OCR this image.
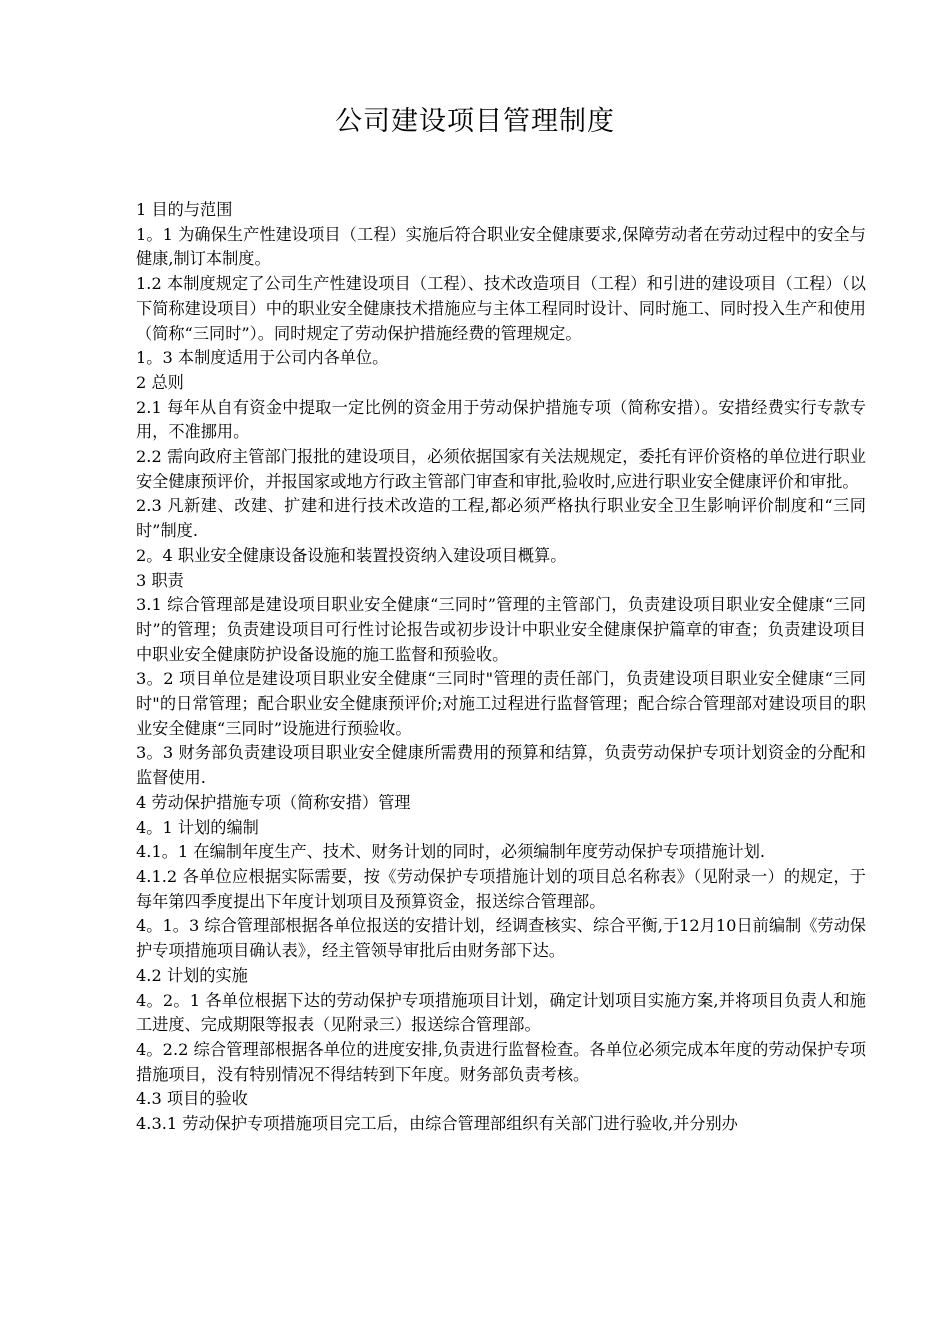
公司建设项目管理制度

1 目的与范围

1。1 为确保生产性建设项目（工程）实施后符合职业安全健康要求,保障劳动者在劳动过程中的安全与健康,制订本制度。

1.2 本制度规定了公司生产性建设项目（工程）、技术改造项目（工程）和引进的建设项目（工程）（以下简称建设项目）中的职业安全健康技术措施应与主体工程同时设计、同时施工、同时投入生产和使用（简称“三同时”）。同时规定了劳动保护措施经费的管理规定。

1。3 本制度适用于公司内各单位。

2 总则

2.1 每年从自有资金中提取一定比例的资金用于劳动保护措施专项（简称安措）。安措经费实行专款专用，不准挪用。

2.2 需向政府主管部门报批的建设项目，必须依据国家有关法规规定，委托有评价资格的单位进行职业安全健康预评价，并报国家或地方行政主管部门审查和审批,验收时,应进行职业安全健康评价和审批。

2.3 凡新建、改建、扩建和进行技术改造的工程,都必须严格执行职业安全卫生影响评价制度和“三同时”制度.

2。4 职业安全健康设备设施和装置投资纳入建设项目概算。

3 职责

3.1 综合管理部是建设项目职业安全健康“三同时”管理的主管部门，负责建设项目职业安全健康“三同时”的管理；负责建设项目可行性讨论报告或初步设计中职业安全健康保护篇章的审查；负责建设项目中职业安全健康防护设备设施的施工监督和预验收。

3。2 项目单位是建设项目职业安全健康“三同时"管理的责任部门，负责建设项目职业安全健康“三同时"的日常管理；配合职业安全健康预评价;对施工过程进行监督管理；配合综合管理部对建设项目的职业安全健康“三同时”设施进行预验收。

3。3 财务部负责建设项目职业安全健康所需费用的预算和结算，负责劳动保护专项计划资金的分配和监督使用.

4 劳动保护措施专项（简称安措）管理

4。1 计划的编制

4.1。1 在编制年度生产、技术、财务计划的同时，必须编制年度劳动保护专项措施计划.

4.1.2 各单位应根据实际需要，按《劳动保护专项措施计划的项目总名称表》（见附录一）的规定，于每年第四季度提出下年度计划项目及预算资金，报送综合管理部。

4。1。3 综合管理部根据各单位报送的安措计划，经调查核实、综合平衡,于12月10日前编制《劳动保护专项措施项目确认表》，经主管领导审批后由财务部下达。

4.2 计划的实施

4。2。1 各单位根据下达的劳动保护专项措施项目计划，确定计划项目实施方案,并将项目负责人和施工进度、完成期限等报表（见附录三）报送综合管理部。

4。2.2 综合管理部根据各单位的进度安排,负责进行监督检查。各单位必须完成本年度的劳动保护专项措施项目，没有特别情况不得结转到下年度。财务部负责考核。

4.3 项目的验收

4.3.1 劳动保护专项措施项目完工后，由综合管理部组织有关部门进行验收,并分别办
